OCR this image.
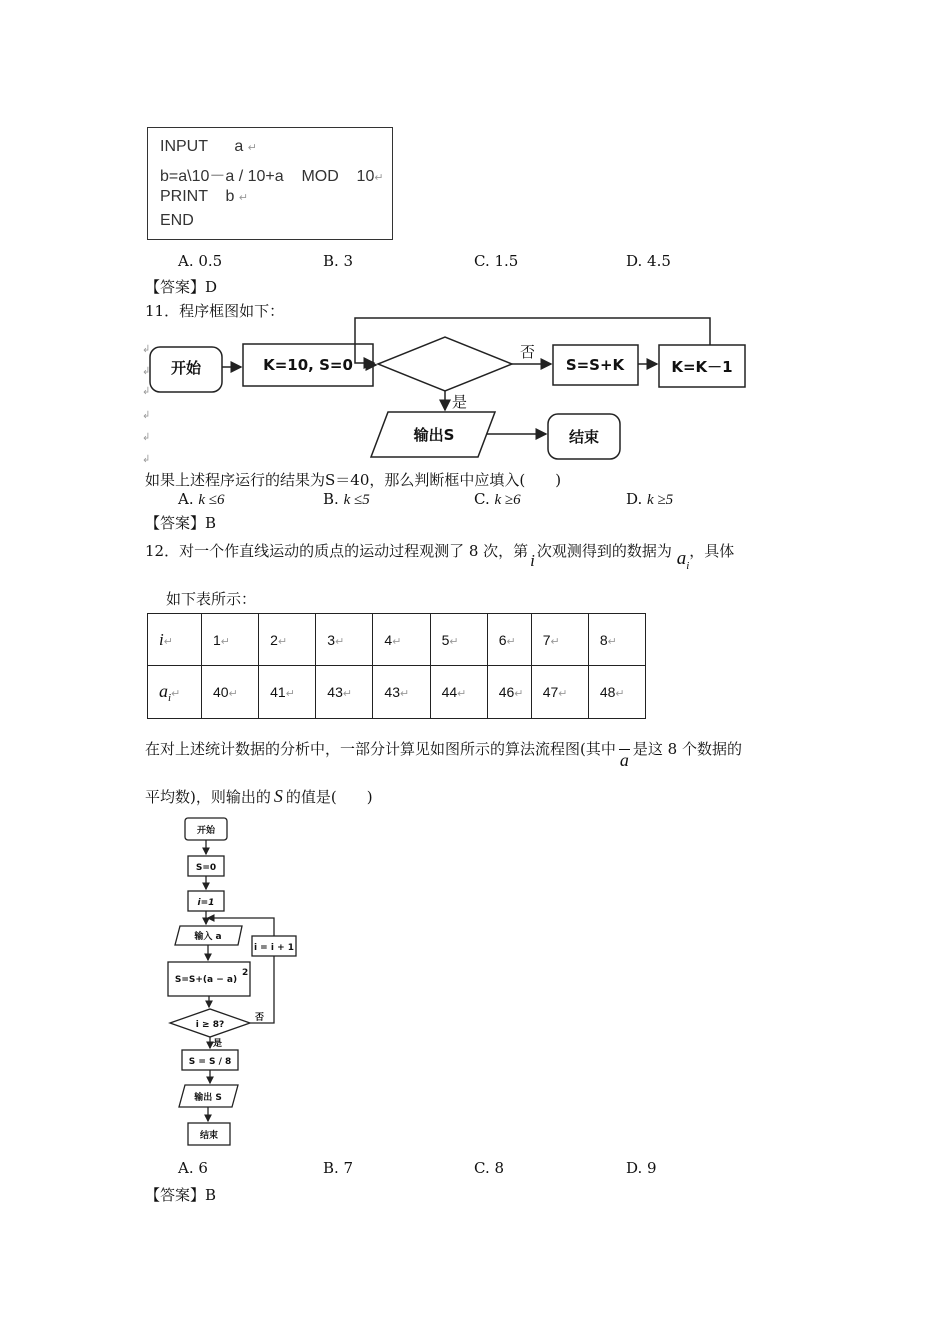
INPUT      a ↵
b=a\10－a / 10+a    MOD    10↵
PRINT    b ↵
END
A. 0.5	B. 3	C. 1.5	D. 4.5
【答案】D
11．程序框图如下：
开始	K=10, S=0	S=S+K	K=K－1
输出S	结束
否
是
↲
↲
↲
↲
↲
↲
如果上述程序运行的结果为S＝40，那么判断框中应填入(　　)
A. k ≤6	B. k ≤5	C. k ≥6	D. k ≥5
【答案】B
12．对一个作直线运动的质点的运动过程观测了 8 次，第 i 次观测得到的数据为 $a_i$，具体
如下表所示：
i↵	1↵	2↵	3↵	4↵	5↵	6↵	7↵	8↵
$a_i↵$	40↵	41↵	43↵	43↵	44↵	46↵	47↵	48↵
在对上述统计数据的分析中，一部分计算见如图所示的算法流程图(其中a是这 8 个数据的
平均数)，则输出的 S 的值是(　　)
开始
S=0
i=1
输入 a
S=S+(a − a)
2
i ≥ 8?
i = i + 1
S = S / 8
输出 S
结束
否
是
A. 6	B. 7	C. 8	D. 9
【答案】B
